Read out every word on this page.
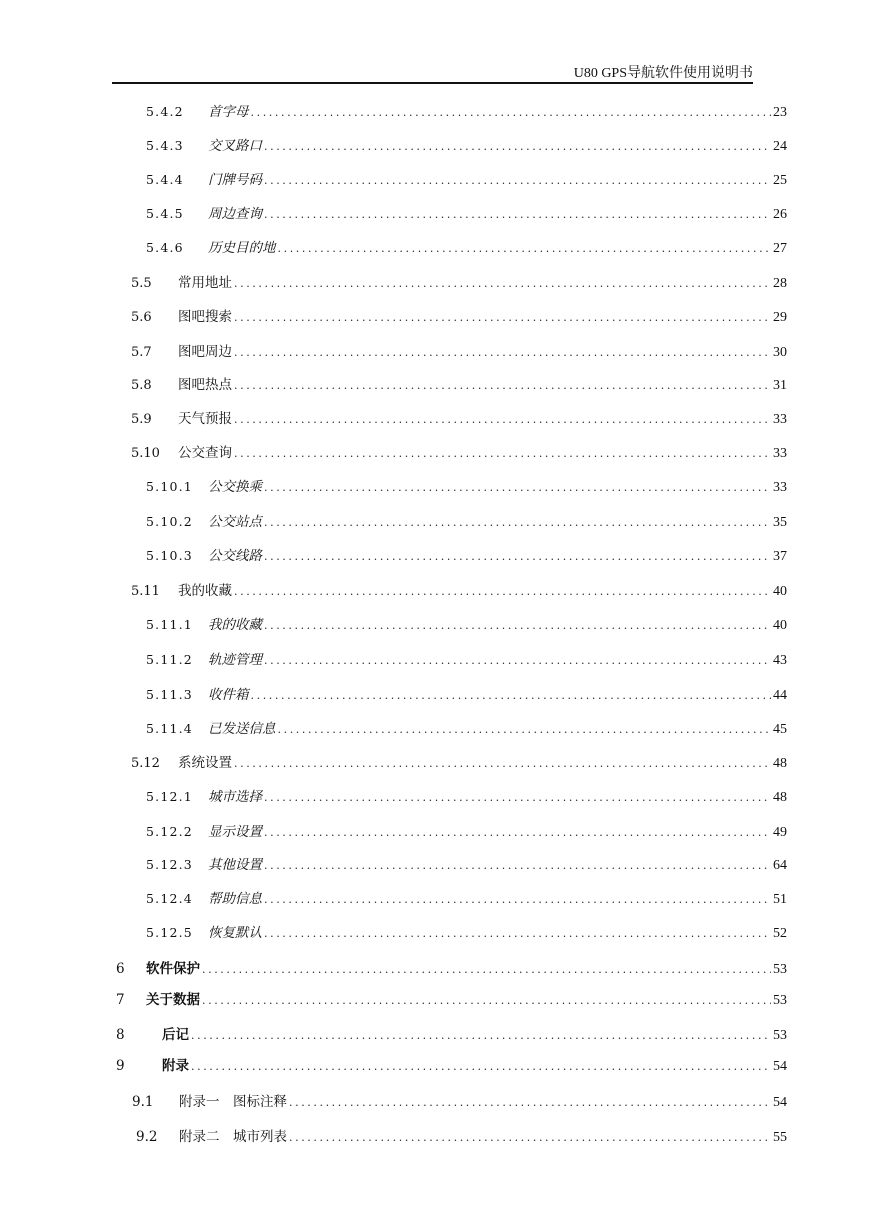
U80 GPS导航软件使用说明书
5.4.2	首字母 .....	23
5.4.3	交叉路口 .....	24
5.4.4	门牌号码 .....	25
5.4.5	周边查询 .....	26
5.4.6	历史目的地 .....	27
5.5	常用地址 .....	28
5.6	图吧搜索 .....	29
5.7	图吧周边 .....	30
5.8	图吧热点 .....	31
5.9	天气预报 .....	33
5.10	公交查询 .....	33
5.10.1	公交换乘 .....	33
5.10.2	公交站点 .....	35
5.10.3	公交线路 .....	37
5.11	我的收藏 .....	40
5.11.1	我的收藏 .....	40
5.11.2	轨迹管理 .....	43
5.11.3	收件箱 .....	44
5.11.4	已发送信息 .....	45
5.12	系统设置 .....	48
5.12.1	城市选择 .....	48
5.12.2	显示设置 .....	49
5.12.3	其他设置 .....	64
5.12.4	帮助信息 .....	51
5.12.5	恢复默认 .....	52
6	软件保护 .....	53
7	关于数据 .....	53
8	后记 .....	53
9	附录 .....	54
9.1	附录一　图标注释 .....	54
9.2	附录二　城市列表 .....	55
